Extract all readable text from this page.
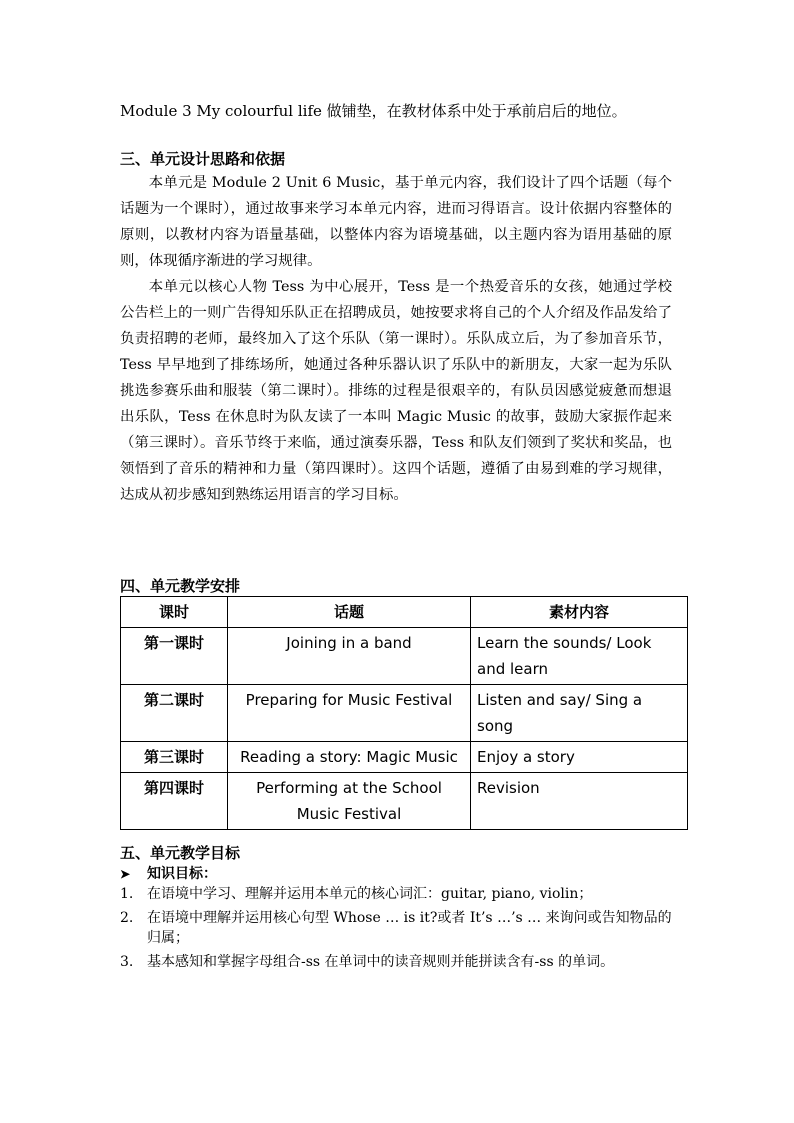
Module 3 My colourful life 做铺垫，在教材体系中处于承前启后的地位。
三、单元设计思路和依据
本单元是 Module 2 Unit 6 Music，基于单元内容，我们设计了四个话题（每个话题为一个课时），通过故事来学习本单元内容，进而习得语言。设计依据内容整体的原则，以教材内容为语量基础，以整体内容为语境基础，以主题内容为语用基础的原则，体现循序渐进的学习规律。
本单元以核心人物 Tess 为中心展开，Tess 是一个热爱音乐的女孩，她通过学校公告栏上的一则广告得知乐队正在招聘成员，她按要求将自己的个人介绍及作品发给了负责招聘的老师，最终加入了这个乐队（第一课时）。乐队成立后，为了参加音乐节，Tess 早早地到了排练场所，她通过各种乐器认识了乐队中的新朋友，大家一起为乐队挑选参赛乐曲和服装（第二课时）。排练的过程是很艰辛的，有队员因感觉疲惫而想退出乐队，Tess 在休息时为队友读了一本叫 Magic Music 的故事，鼓励大家振作起来（第三课时）。音乐节终于来临，通过演奏乐器，Tess 和队友们领到了奖状和奖品，也领悟到了音乐的精神和力量（第四课时）。这四个话题，遵循了由易到难的学习规律，达成从初步感知到熟练运用语言的学习目标。
四、单元教学安排
课时	话题	素材内容
第一课时	Joining in a band	Learn the sounds/ Look and learn
第二课时	Preparing for Music Festival	Listen and say/ Sing a song
第三课时	Reading a story: Magic Music	Enjoy a story
第四课时	Performing at the School Music Festival	Revision
五、单元教学目标
➤ 知识目标：
1. 在语境中学习、理解并运用本单元的核心词汇：guitar, piano, violin；
2. 在语境中理解并运用核心句型 Whose … is it?或者 It’s …’s … 来询问或告知物品的归属；
3. 基本感知和掌握字母组合-ss 在单词中的读音规则并能拼读含有-ss 的单词。
